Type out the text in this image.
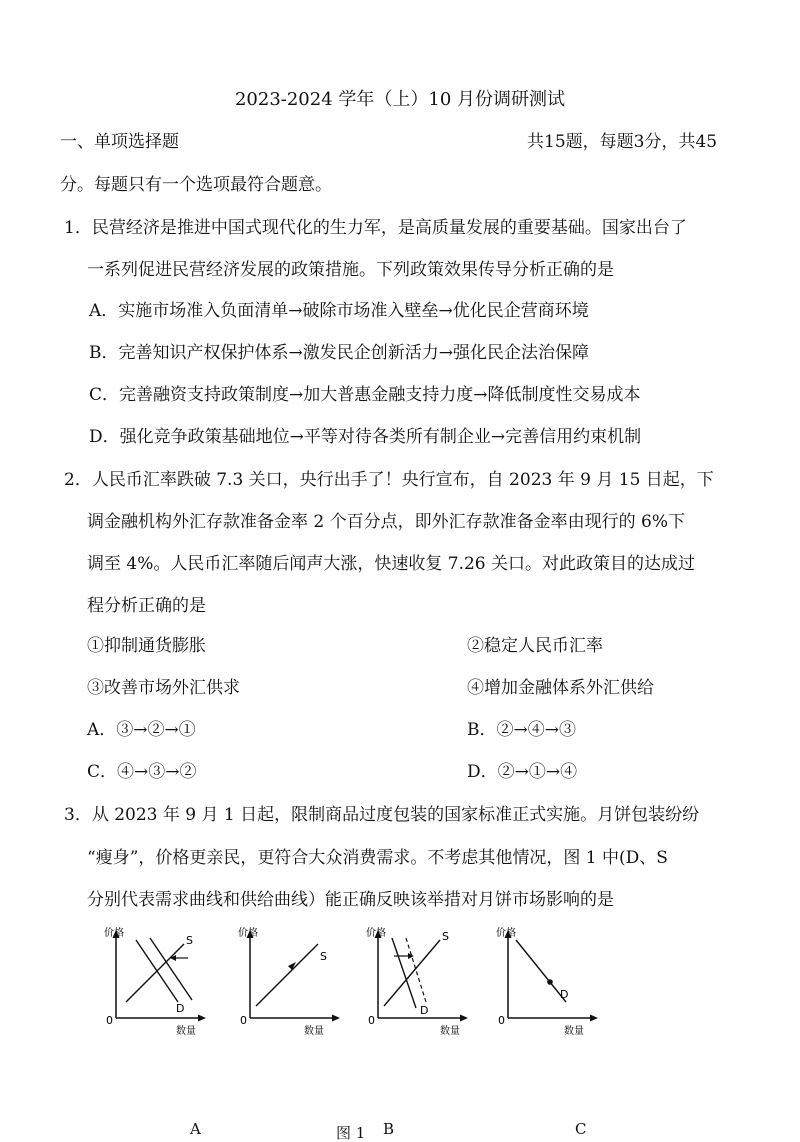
2023-2024 学年（上）10 月份调研测试
一、单项选择题	共15题，每题3分，共45
分。每题只有一个选项最符合题意。
1．民营经济是推进中国式现代化的生力军，是高质量发展的重要基础。国家出台了
一系列促进民营经济发展的政策措施。下列政策效果传导分析正确的是
A．实施市场准入负面清单→破除市场准入壁垒→优化民企营商环境
B．完善知识产权保护体系→激发民企创新活力→强化民企法治保障
C．完善融资支持政策制度→加大普惠金融支持力度→降低制度性交易成本
D．强化竞争政策基础地位→平等对待各类所有制企业→完善信用约束机制
2．人民币汇率跌破 7.3 关口，央行出手了！央行宣布，自 2023 年 9 月 15 日起，下
调金融机构外汇存款准备金率 2 个百分点，即外汇存款准备金率由现行的 6%下
调至 4%。人民币汇率随后闻声大涨，快速收复 7.26 关口。对此政策目的达成过
程分析正确的是
①抑制通货膨胀	②稳定人民币汇率
③改善市场外汇供求	④增加金融体系外汇供给
A．③→②→①	B．②→④→③
C．④→③→②	D．②→①→④
3．从 2023 年 9 月 1 日起，限制商品过度包装的国家标准正式实施。月饼包装纷纷
“瘦身”，价格更亲民，更符合大众消费需求。不考虑其他情况，图 1 中(D、S
分别代表需求曲线和供给曲线）能正确反映该举措对月饼市场影响的是
价格
0
数量
S
D
价格
0
数量
S
价格
0
数量
S
D
价格
0
数量
D
A	B	C
图 1
